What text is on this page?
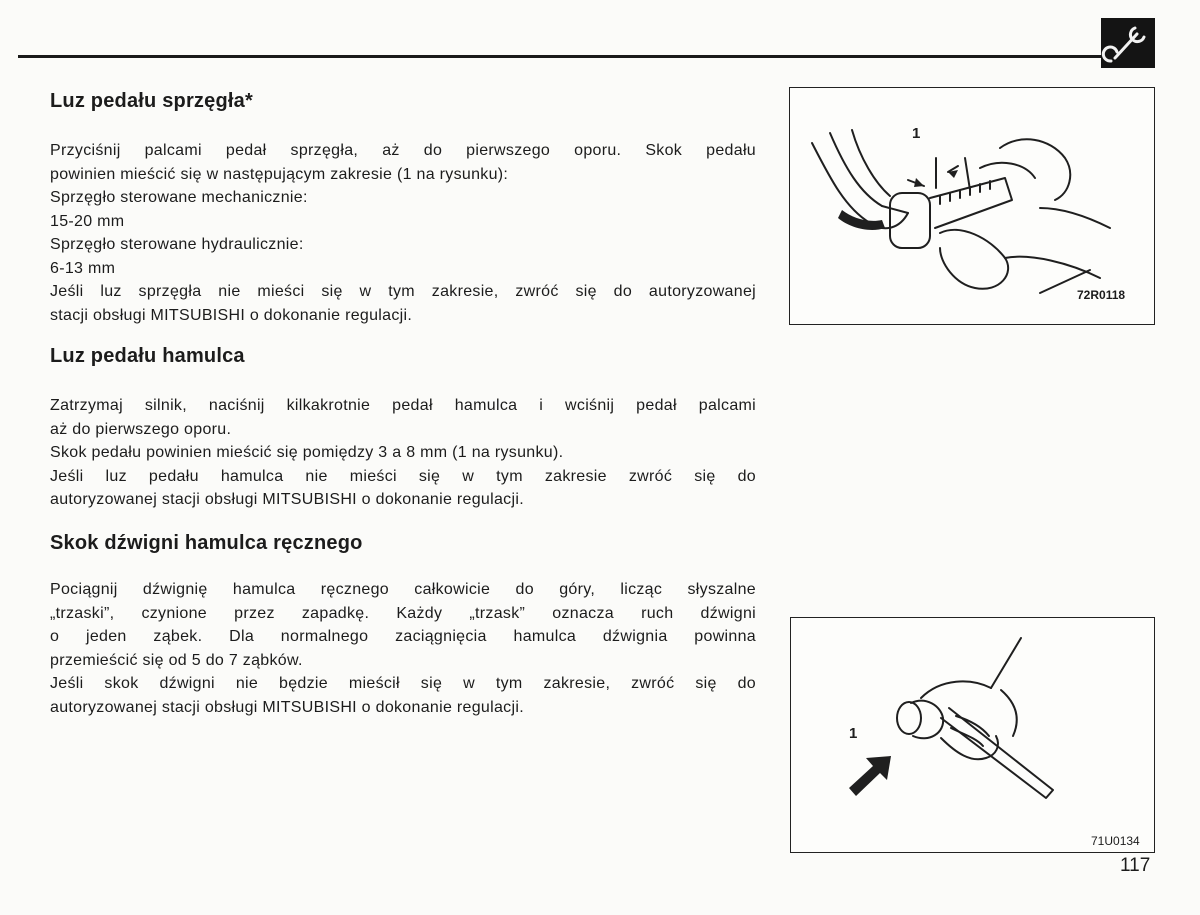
Luz pedału sprzęgła*
Przyciśnij palcami pedał sprzęgła, aż do pierwszego oporu. Skok pedału
powinien mieścić się w następującym zakresie (1 na rysunku):
Sprzęgło sterowane mechanicznie:
15-20 mm
Sprzęgło sterowane hydraulicznie:
6-13 mm
Jeśli luz sprzęgła nie mieści się w tym zakresie, zwróć się do autoryzowanej
stacji obsługi MITSUBISHI o dokonanie regulacji.
Luz pedału hamulca
Zatrzymaj silnik, naciśnij kilkakrotnie pedał hamulca i wciśnij pedał palcami
aż do pierwszego oporu.
Skok pedału powinien mieścić się pomiędzy 3 a 8 mm (1 na rysunku).
Jeśli luz pedału hamulca nie mieści się w tym zakresie zwróć się do
autoryzowanej stacji obsługi MITSUBISHI o dokonanie regulacji.
Skok dźwigni hamulca ręcznego
Pociągnij dźwignię hamulca ręcznego całkowicie do góry, licząc słyszalne
„trzaski”, czynione przez zapadkę. Każdy „trzask” oznacza ruch dźwigni
o jeden ząbek. Dla normalnego zaciągnięcia hamulca dźwignia powinna
przemieścić się od 5 do 7 ząbków.
Jeśli skok dźwigni nie będzie mieścił się w tym zakresie, zwróć się do
autoryzowanej stacji obsługi MITSUBISHI o dokonanie regulacji.
1
72R0118
1
71U0134
117
